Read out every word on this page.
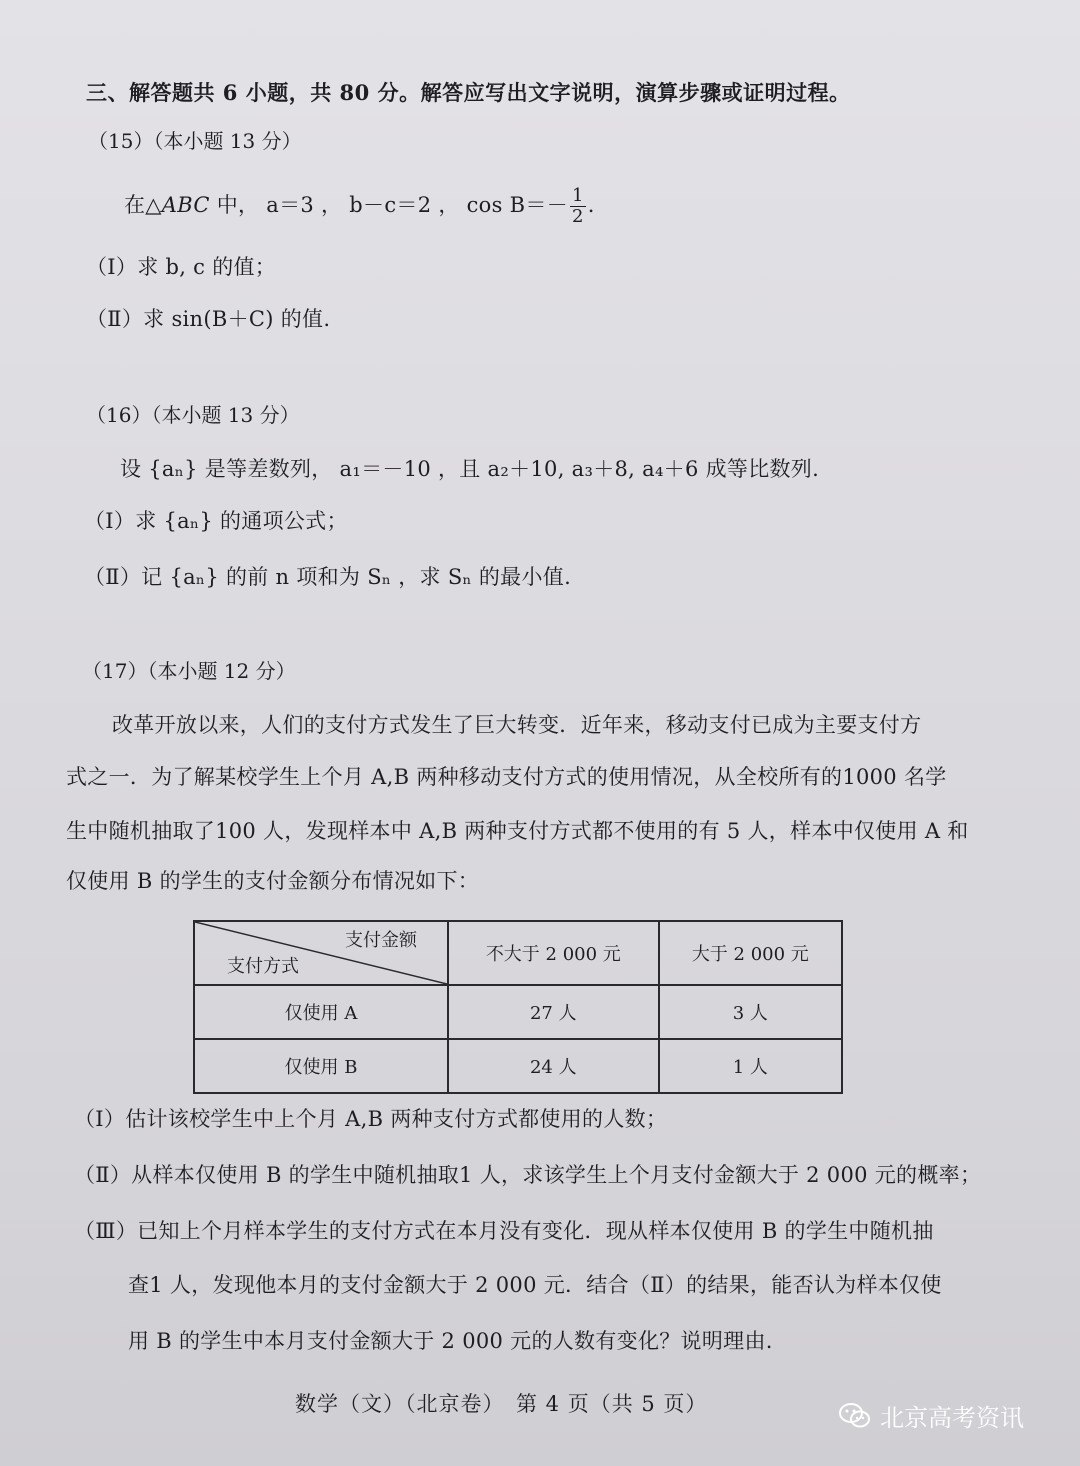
三、解答题共 6 小题，共 80 分。解答应写出文字说明，演算步骤或证明过程。
（15）（本小题 13 分）
在△ABC 中， a＝3 ， b－c＝2 ， $\cos B=- \frac{1}{2}$ .
（Ⅰ）求 b, c 的值；
（Ⅱ）求 sin(B＋C) 的值.
（16）（本小题 13 分）
设 {aₙ} 是等差数列， a₁＝－10 ，且 a₂＋10, a₃＋8, a₄＋6 成等比数列.
（Ⅰ）求 {aₙ} 的通项公式；
（Ⅱ）记 {aₙ} 的前 n 项和为 Sₙ ，求 Sₙ 的最小值.
（17）（本小题 12 分）
改革开放以来，人们的支付方式发生了巨大转变．近年来，移动支付已成为主要支付方
式之一．为了解某校学生上个月 A,B 两种移动支付方式的使用情况，从全校所有的1000 名学
生中随机抽取了100 人，发现样本中 A,B 两种支付方式都不使用的有 5 人，样本中仅使用 A 和
仅使用 B 的学生的支付金额分布情况如下：
支付金额
支付方式	不大于 2 000 元	大于 2 000 元
仅使用 A	27 人	3 人
仅使用 B	24 人	1 人
（Ⅰ）估计该校学生中上个月 A,B 两种支付方式都使用的人数；
（Ⅱ）从样本仅使用 B 的学生中随机抽取1 人，求该学生上个月支付金额大于 2 000 元的概率；
（Ⅲ）已知上个月样本学生的支付方式在本月没有变化．现从样本仅使用 B 的学生中随机抽
查1 人，发现他本月的支付金额大于 2 000 元．结合（Ⅱ）的结果，能否认为样本仅使
用 B 的学生中本月支付金额大于 2 000 元的人数有变化？说明理由.
数学（文）（北京卷）　第 4 页（共 5 页）	北京高考资讯
